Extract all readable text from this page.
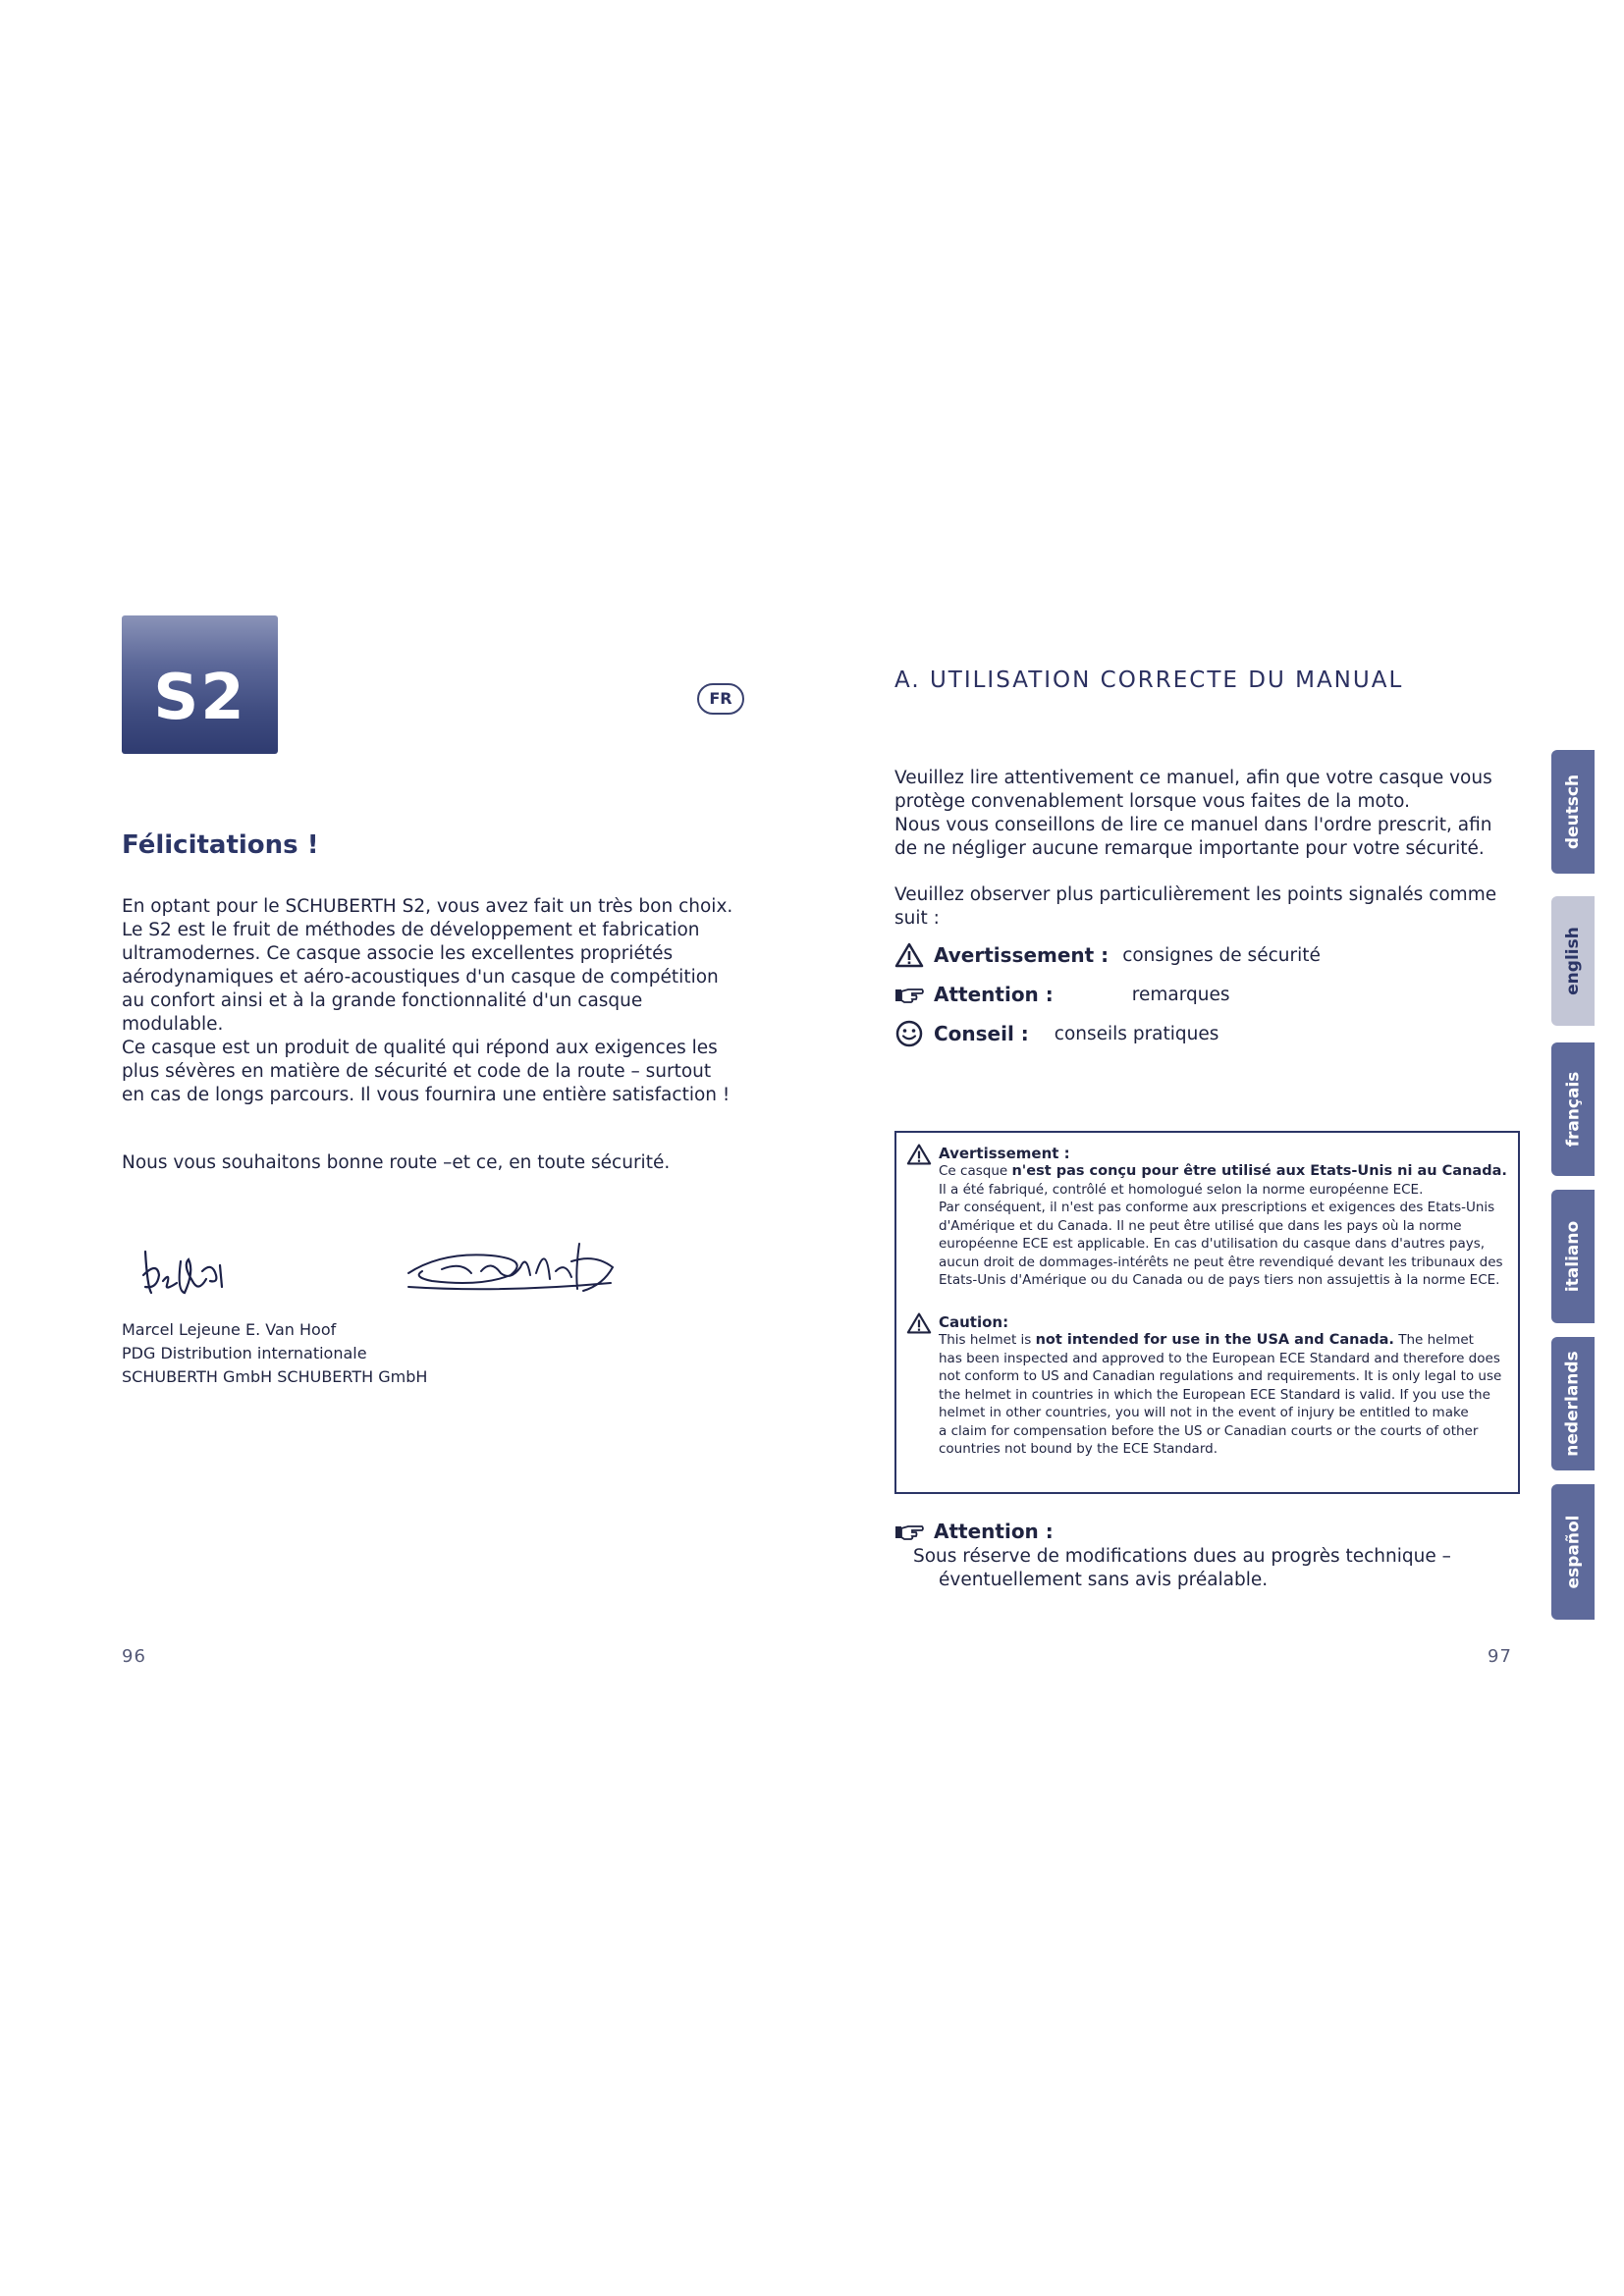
S2	FR
Félicitations !
En optant pour le SCHUBERTH S2, vous avez fait un très bon choix.
Le S2 est le fruit de méthodes de développement et fabrication
ultramodernes. Ce casque associe les excellentes propriétés
aérodynamiques et aéro-acoustiques d'un casque de compétition
au confort ainsi et à la grande fonctionnalité d'un casque
modulable.
Ce casque est un produit de qualité qui répond aux exigences les
plus sévères en matière de sécurité et code de la route – surtout
en cas de longs parcours. Il vous fournira une entière satisfaction !
Nous vous souhaitons bonne route –et ce, en toute sécurité.
Marcel Lejeune E. Van Hoof
PDG Distribution internationale
SCHUBERTH GmbH SCHUBERTH GmbH
96
A. UTILISATION CORRECTE DU MANUAL
Veuillez lire attentivement ce manuel, afin que votre casque vous
protège convenablement lorsque vous faites de la moto.
Nous vous conseillons de lire ce manuel dans l'ordre prescrit, afin
de ne négliger aucune remarque importante pour votre sécurité.
Veuillez observer plus particulièrement les points signalés comme
suit :
Avertissement : consignes de sécurité
Attention :	remarques
Conseil : conseils pratiques
Avertissement :
Ce casque n'est pas conçu pour être utilisé aux Etats-Unis ni au Canada.
Il a été fabriqué, contrôlé et homologué selon la norme européenne ECE.
Par conséquent, il n'est pas conforme aux prescriptions et exigences des Etats-Unis
d'Amérique et du Canada. Il ne peut être utilisé que dans les pays où la norme
européenne ECE est applicable. En cas d'utilisation du casque dans d'autres pays,
aucun droit de dommages-intérêts ne peut être revendiqué devant les tribunaux des
Etats-Unis d'Amérique ou du Canada ou de pays tiers non assujettis à la norme ECE.
Caution:
This helmet is not intended for use in the USA and Canada. The helmet
has been inspected and approved to the European ECE Standard and therefore does
not conform to US and Canadian regulations and requirements. It is only legal to use
the helmet in countries in which the European ECE Standard is valid. If you use the
helmet in other countries, you will not in the event of injury be entitled to make
a claim for compensation before the US or Canadian courts or the courts of other
countries not bound by the ECE Standard.
Attention :
Sous réserve de modifications dues au progrès technique –
éventuellement sans avis préalable.
97
deutsch
english
français
italiano
nederlands
español
